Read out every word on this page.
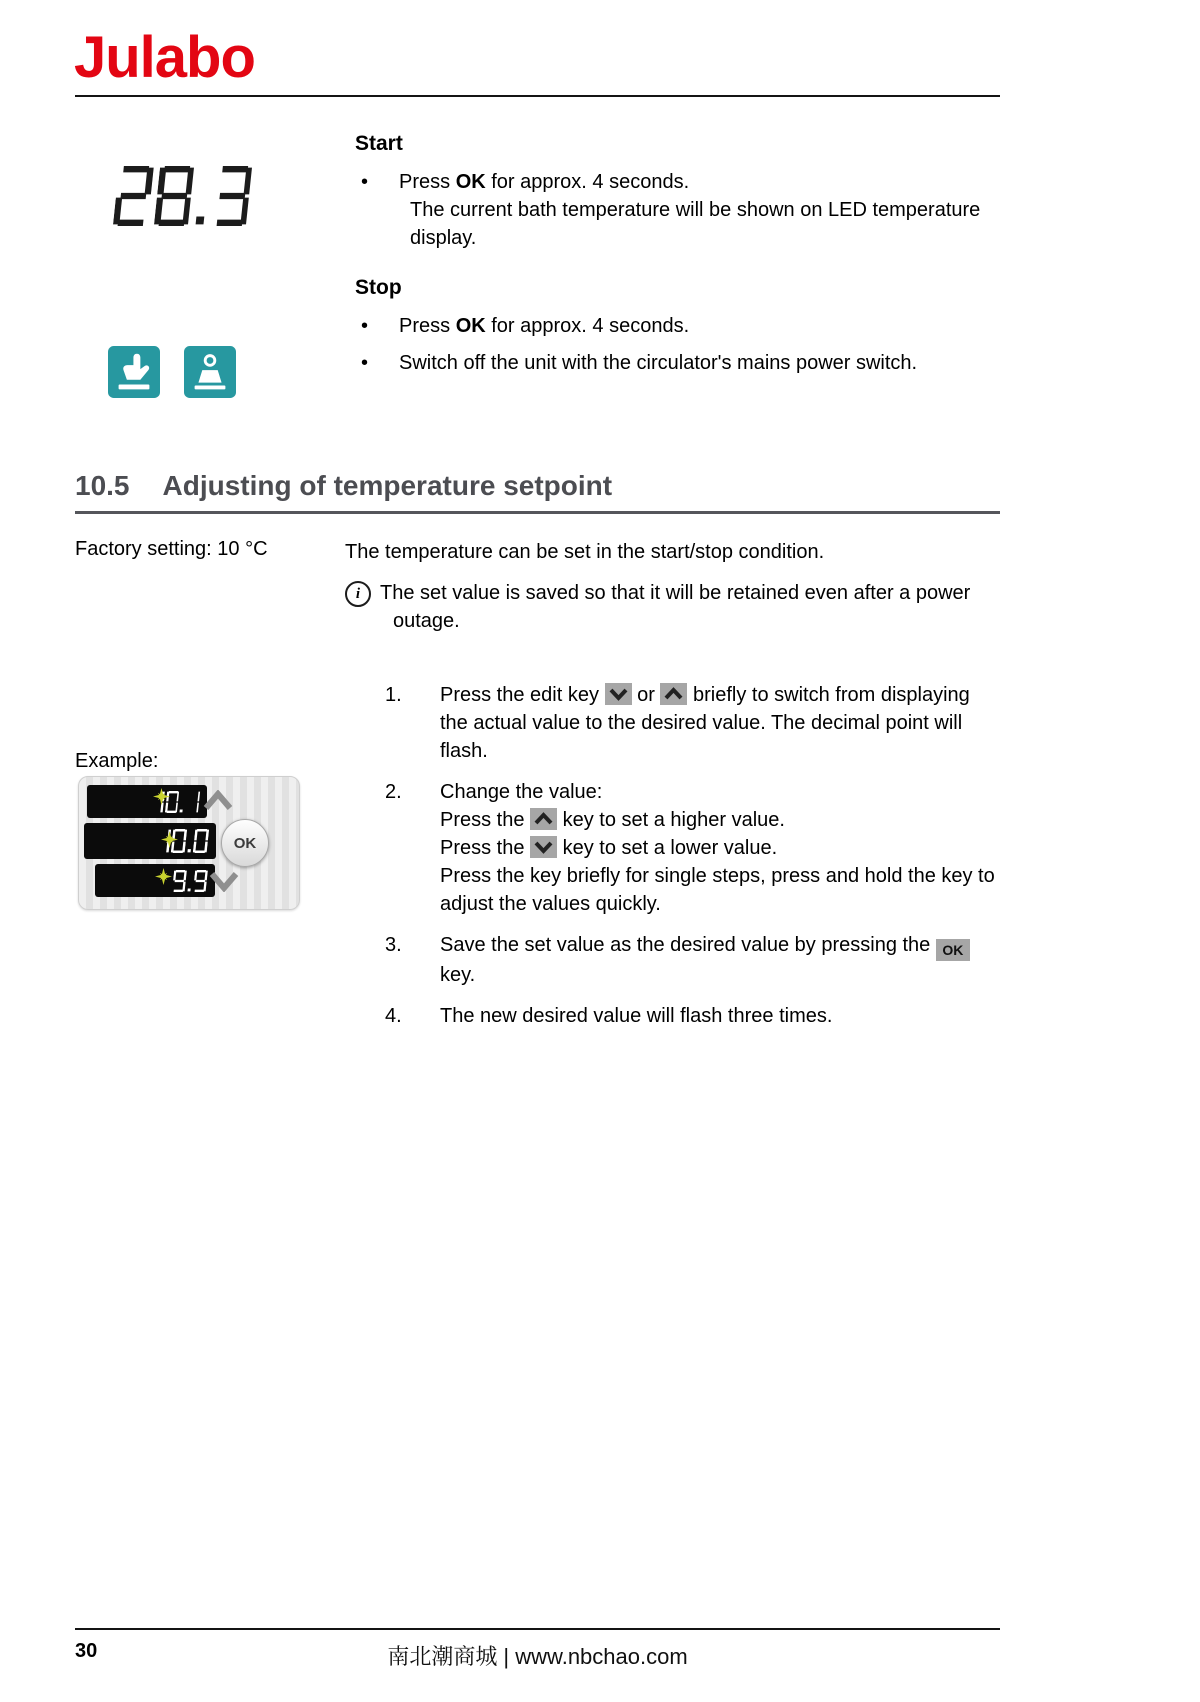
Julabo
Start
•	Press OK for approx. 4 seconds.
The current bath temperature will be shown on LED temperature display.
Stop
•	Press OK for approx. 4 seconds.
•	Switch off the unit with the circulator's mains power switch.
10.5 Adjusting of temperature setpoint
Factory setting: 10 °C	The temperature can be set in the start/stop condition.
i The set value is saved so that it will be retained even after a power
outage.
1.	Press the edit key
or
briefly to switch from displaying the actual value to the desired value. The decimal point will flash.
2.	Change the value:
Press the
key to set a higher value.
Press the
key to set a lower value.
Press the key briefly for single steps, press and hold the key to adjust the values quickly.
3.	Save the set value as the desired value by pressing the OK
key.
4.	The new desired value will flash three times.
Example:
OK
30	南北潮商城 | www.nbchao.com
